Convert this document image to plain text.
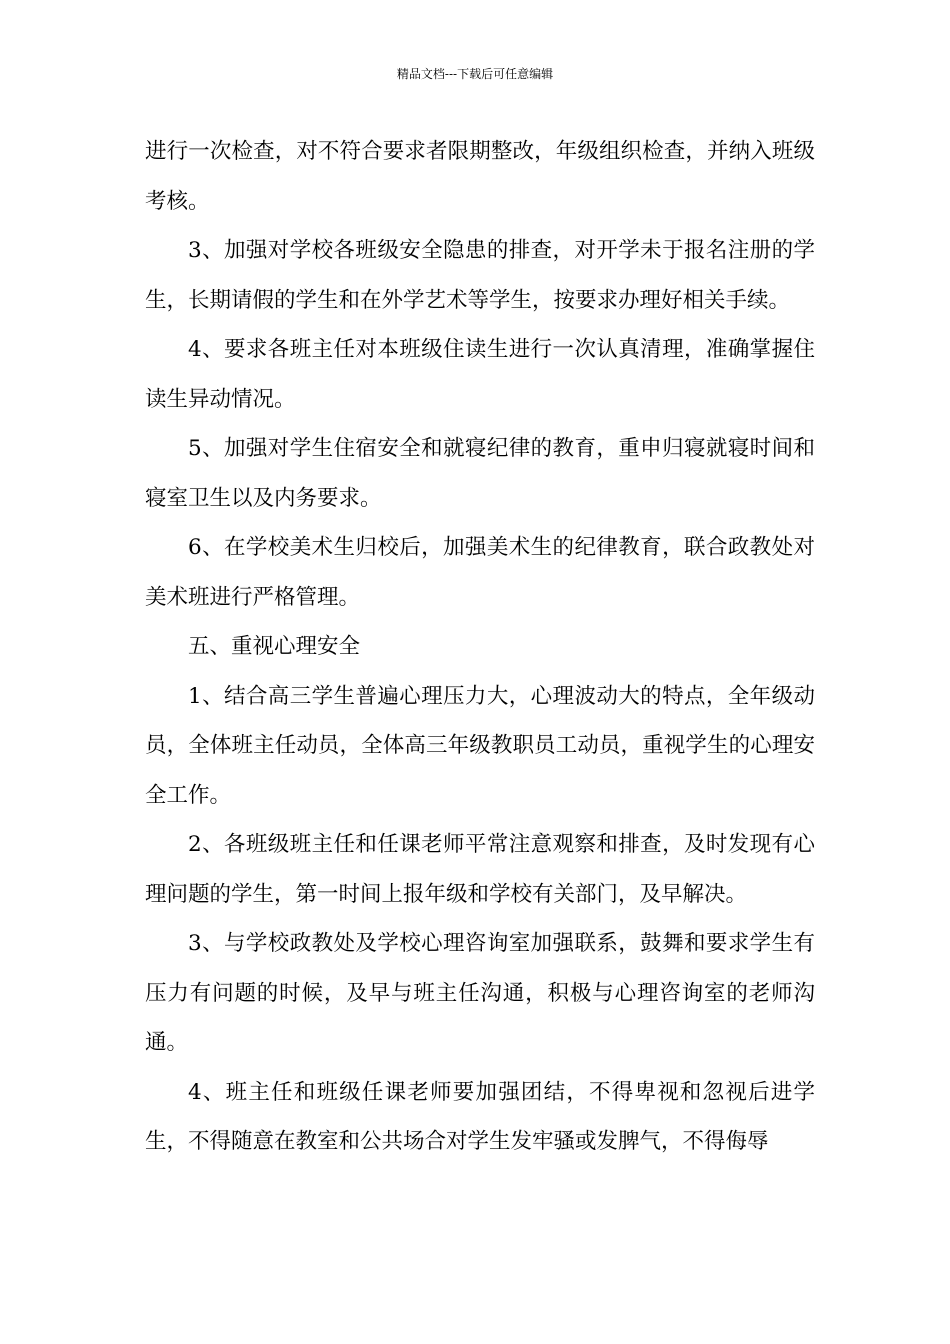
精品文档---下载后可任意编辑

进行一次检查，对不符合要求者限期整改，年级组织检查，并纳入班级考核。

3、加强对学校各班级安全隐患的排查，对开学未于报名注册的学生，长期请假的学生和在外学艺术等学生，按要求办理好相关手续。

4、要求各班主任对本班级住读生进行一次认真清理，准确掌握住读生异动情况。

5、加强对学生住宿安全和就寝纪律的教育，重申归寝就寝时间和寝室卫生以及内务要求。

6、在学校美术生归校后，加强美术生的纪律教育，联合政教处对美术班进行严格管理。

五、重视心理安全

1、结合高三学生普遍心理压力大，心理波动大的特点，全年级动员，全体班主任动员，全体高三年级教职员工动员，重视学生的心理安全工作。

2、各班级班主任和任课老师平常注意观察和排查，及时发现有心理问题的学生，第一时间上报年级和学校有关部门，及早解决。

3、与学校政教处及学校心理咨询室加强联系，鼓舞和要求学生有压力有问题的时候，及早与班主任沟通，积极与心理咨询室的老师沟通。

4、班主任和班级任课老师要加强团结，不得卑视和忽视后进学生，不得随意在教室和公共场合对学生发牢骚或发脾气，不得侮辱
